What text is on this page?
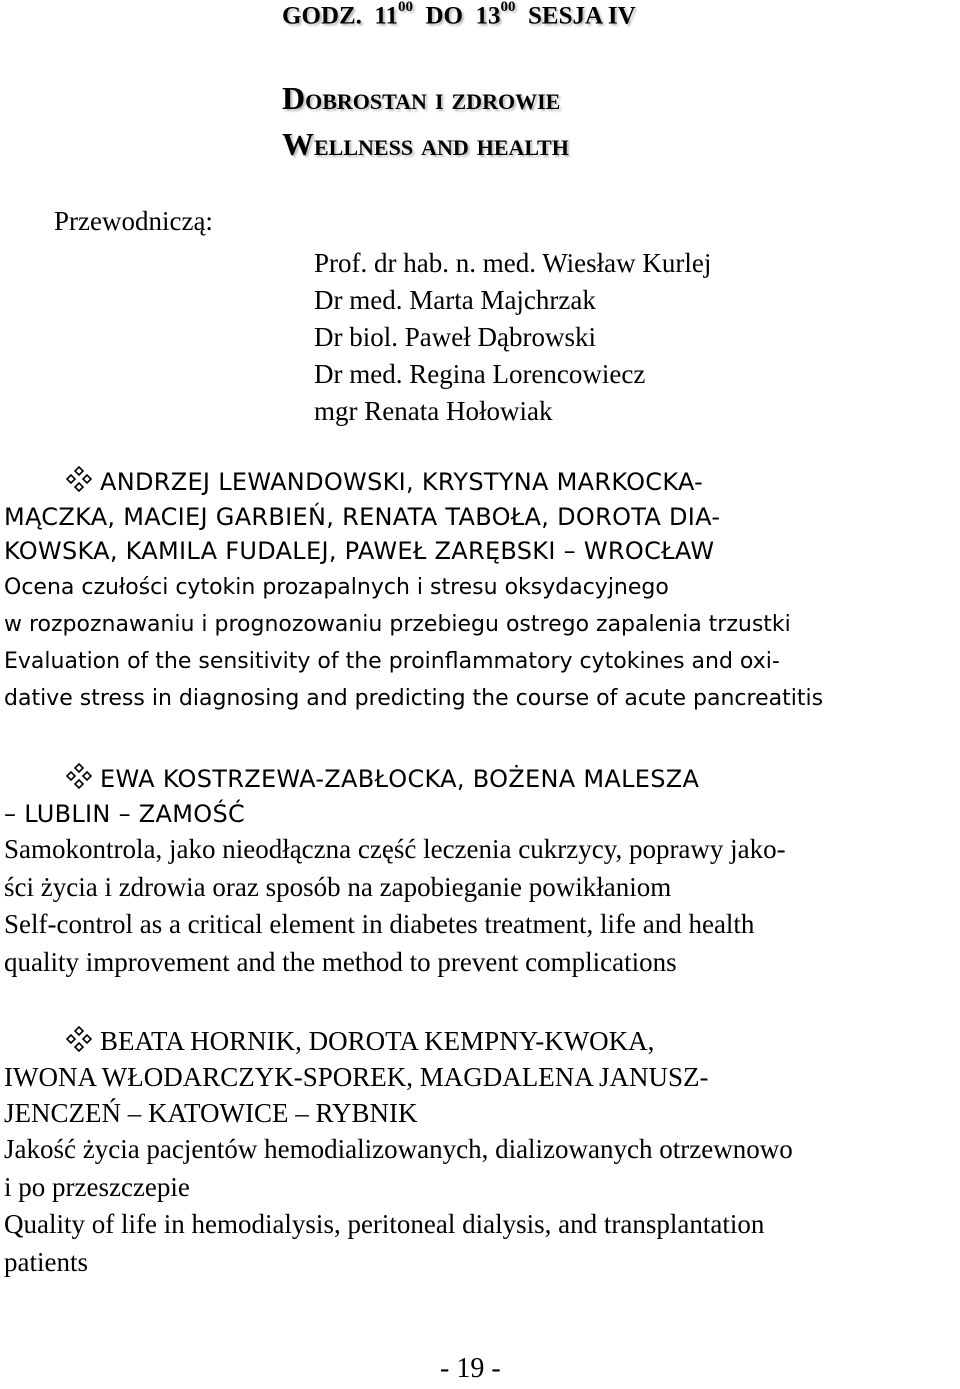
GODZ. $11^{00}$ DO $13^{00}$ SESJA IV
Dobrostan i zdrowie
Wellness and health
Przewodniczą:
Prof. dr hab. n. med. Wiesław Kurlej
Dr med. Marta Majchrzak
Dr biol. Paweł Dąbrowski
Dr med. Regina Lorencowiecz
mgr Renata Hołowiak
ANDRZEJ LEWANDOWSKI, KRYSTYNA MARKOCKA-
MĄCZKA, MACIEJ GARBIEŃ, RENATA TABOŁA, DOROTA DIA-
KOWSKA, KAMILA FUDALEJ, PAWEŁ ZARĘBSKI – WROCŁAW
Ocena czułości cytokin prozapalnych i stresu oksydacyjnego
w rozpoznawaniu i prognozowaniu przebiegu ostrego zapalenia trzustki
Evaluation of the sensitivity of the proinflammatory cytokines and oxi-
dative stress in diagnosing and predicting the course of acute pancreatitis
EWA KOSTRZEWA-ZABŁOCKA, BOŻENA MALESZA
– LUBLIN – ZAMOŚĆ
Samokontrola, jako nieodłączna część leczenia cukrzycy, poprawy jako-
ści życia i zdrowia oraz sposób na zapobieganie powikłaniom
Self-control as a critical element in diabetes treatment, life and health
quality improvement and the method to prevent complications
BEATA HORNIK, DOROTA KEMPNY-KWOKA,
IWONA WŁODARCZYK-SPOREK, MAGDALENA JANUSZ-
JENCZEŃ – KATOWICE – RYBNIK
Jakość życia pacjentów hemodializowanych, dializowanych otrzewnowo
i po przeszczepie
Quality of life in hemodialysis, peritoneal dialysis, and transplantation
patients
- 19 -
